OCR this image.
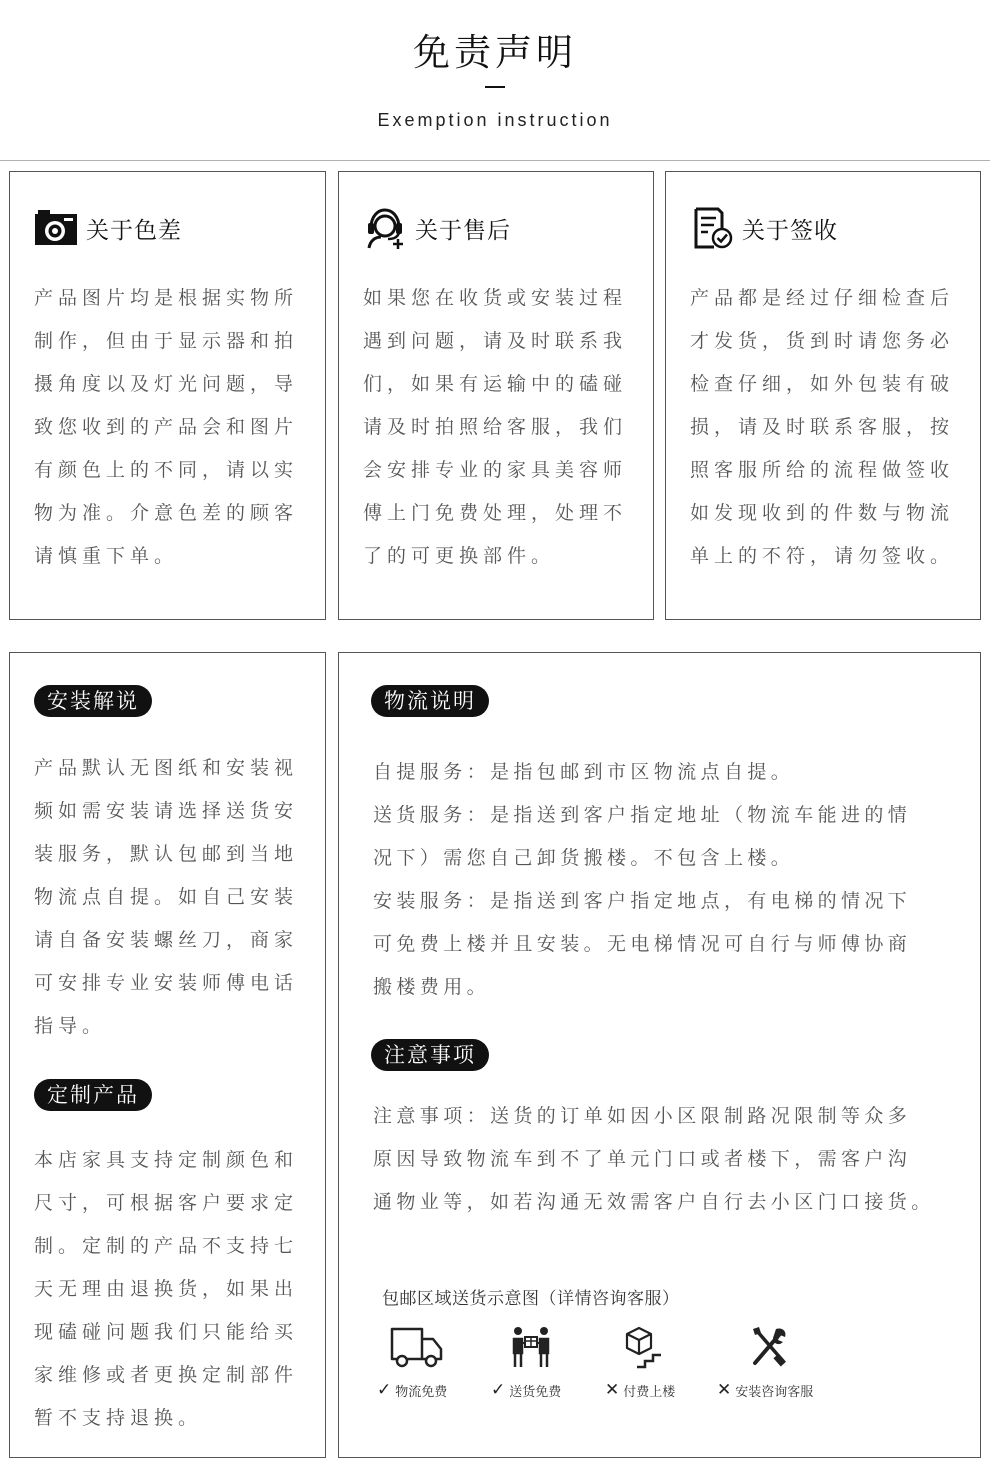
免责声明
Exemption instruction
关于色差
产品图片均是根据实物所
制作，但由于显示器和拍
摄角度以及灯光问题，导
致您收到的产品会和图片
有颜色上的不同，请以实
物为准。介意色差的顾客
请慎重下单。
关于售后
如果您在收货或安装过程
遇到问题，请及时联系我
们，如果有运输中的磕碰
请及时拍照给客服，我们
会安排专业的家具美容师
傅上门免费处理，处理不
了的可更换部件。
关于签收
产品都是经过仔细检查后
才发货，货到时请您务必
检查仔细，如外包装有破
损，请及时联系客服，按
照客服所给的流程做签收
如发现收到的件数与物流
单上的不符，请勿签收。
安装解说
产品默认无图纸和安装视
频如需安装请选择送货安
装服务，默认包邮到当地
物流点自提。如自己安装
请自备安装螺丝刀，商家
可安排专业安装师傅电话
指导。
定制产品
本店家具支持定制颜色和
尺寸，可根据客户要求定
制。定制的产品不支持七
天无理由退换货，如果出
现磕碰问题我们只能给买
家维修或者更换定制部件
暂不支持退换。
物流说明
自提服务：是指包邮到市区物流点自提。
送货服务：是指送到客户指定地址（物流车能进的情
况下）需您自己卸货搬楼。不包含上楼。
安装服务：是指送到客户指定地点，有电梯的情况下
可免费上楼并且安装。无电梯情况可自行与师傅协商
搬楼费用。
注意事项
注意事项：送货的订单如因小区限制路况限制等众多
原因导致物流车到不了单元门口或者楼下，需客户沟
通物业等，如若沟通无效需客户自行去小区门口接货。
包邮区域送货示意图（详情咨询客服）
✓ 物流免费	✓ 送货免费	✕ 付费上楼 ✕ 安装咨询客服
